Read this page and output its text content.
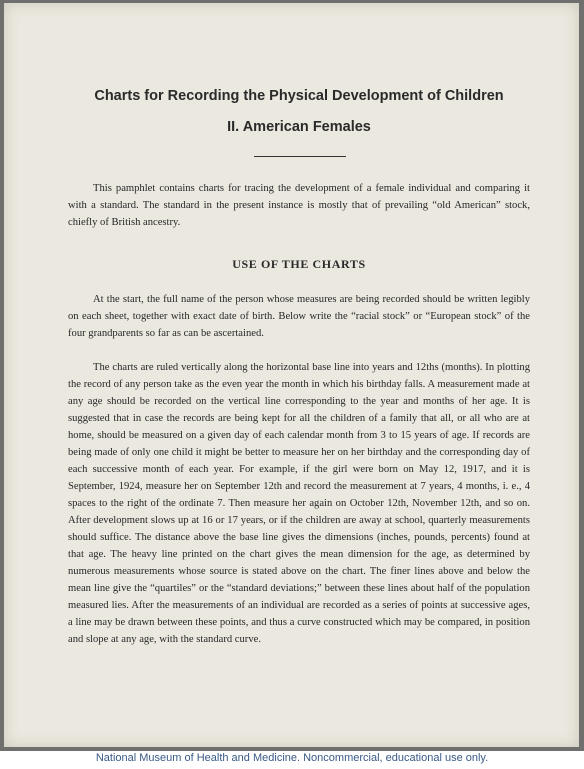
Charts for Recording the Physical Development of Children
II. American Females

This pamphlet contains charts for tracing the development of a female individual and comparing it with a standard. The standard in the present instance is mostly that of prevailing “old American” stock, chiefly of British ancestry.

USE OF THE CHARTS

At the start, the full name of the person whose measures are being recorded should be written legibly on each sheet, together with exact date of birth. Below write the “racial stock” or “European stock” of the four grandparents so far as can be ascertained.

The charts are ruled vertically along the horizontal base line into years and 12ths (months). In plotting the record of any person take as the even year the month in which his birthday falls. A measurement made at any age should be recorded on the vertical line corresponding to the year and months of her age. It is suggested that in case the records are being kept for all the children of a family that all, or all who are at home, should be measured on a given day of each calendar month from 3 to 15 years of age. If records are being made of only one child it might be better to measure her on her birthday and the corresponding day of each successive month of each year. For example, if the girl were born on May 12, 1917, and it is September, 1924, measure her on September 12th and record the measurement at 7 years, 4 months, i. e., 4 spaces to the right of the ordinate 7. Then measure her again on October 12th, November 12th, and so on. After development slows up at 16 or 17 years, or if the children are away at school, quarterly measurements should suffice. The distance above the base line gives the dimensions (inches, pounds, percents) found at that age. The heavy line printed on the chart gives the mean dimension for the age, as determined by numerous measurements whose source is stated above on the chart. The finer lines above and below the mean line give the “quartiles” or the “standard deviations;” between these lines about half of the population measured lies. After the measurements of an individual are recorded as a series of points at successive ages, a line may be drawn between these points, and thus a curve constructed which may be compared, in position and slope at any age, with the standard curve.

National Museum of Health and Medicine. Noncommercial, educational use only.
